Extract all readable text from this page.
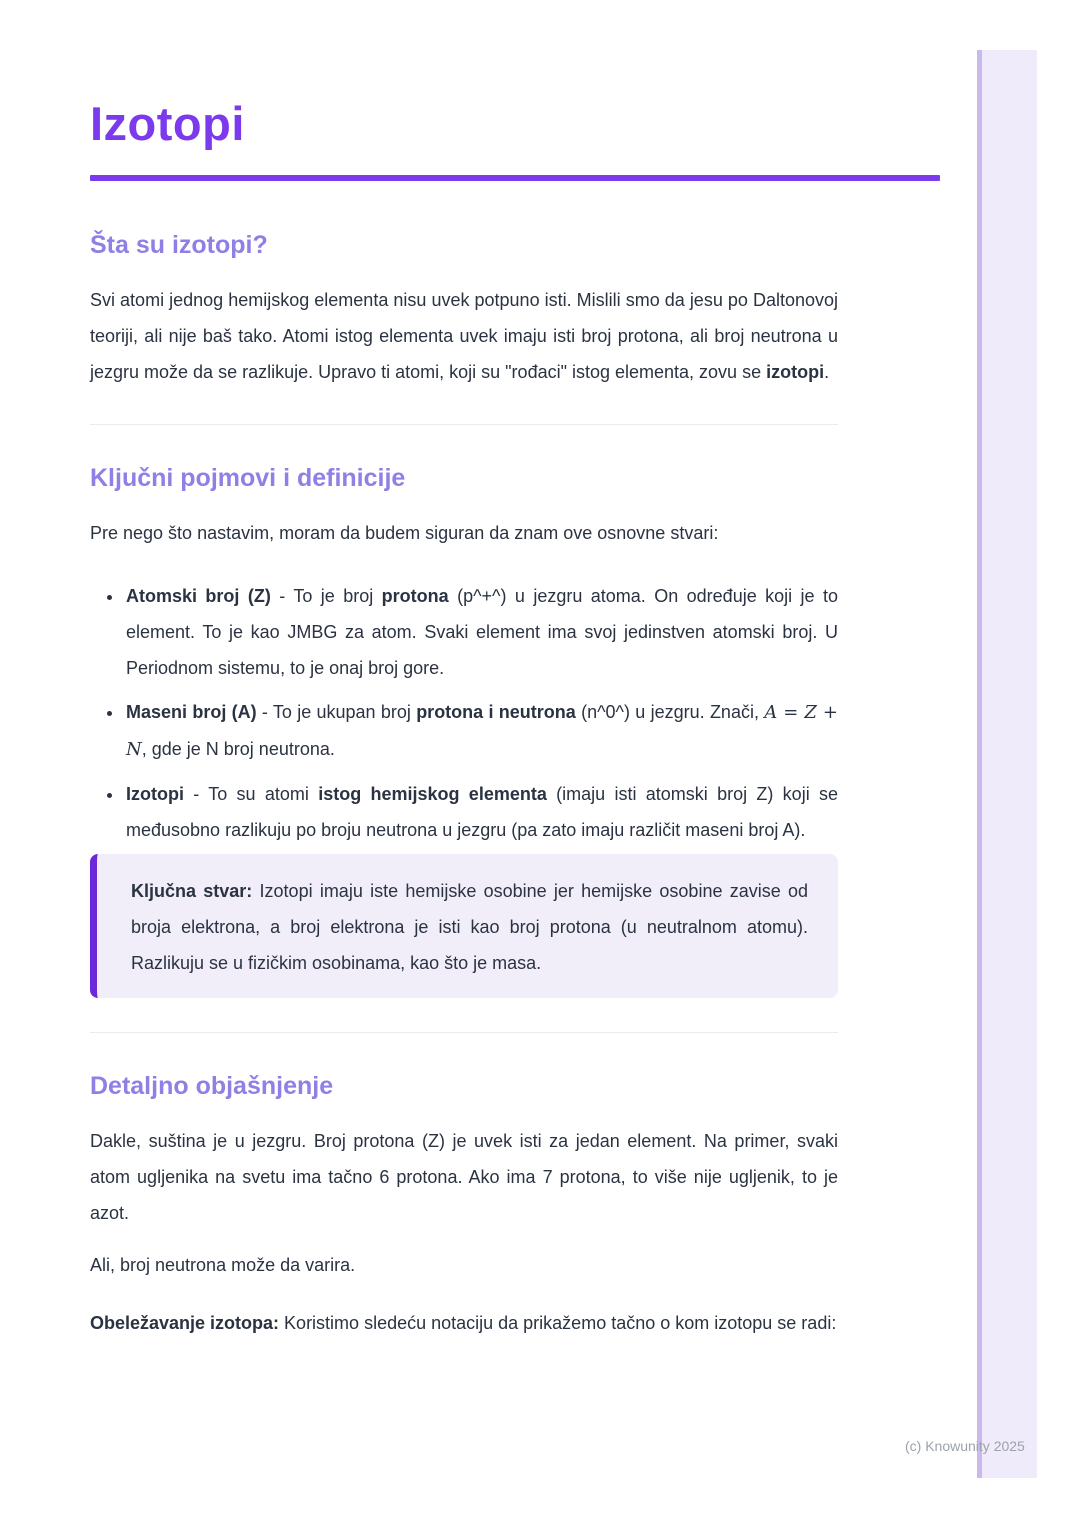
Izotopi
Šta su izotopi?

Svi atomi jednog hemijskog elementa nisu uvek potpuno isti. Mislili smo da jesu po Daltonovoj teoriji, ali nije baš tako. Atomi istog elementa uvek imaju isti broj protona, ali broj neutrona u jezgru može da se razlikuje. Upravo ti atomi, koji su "rođaci" istog elementa, zovu se izotopi.

Ključni pojmovi i definicije

Pre nego što nastavim, moram da budem siguran da znam ove osnovne stvari:

• Atomski broj (Z) - To je broj protona (p^+^) u jezgru atoma. On određuje koji je to element. To je kao JMBG za atom. Svaki element ima svoj jedinstven atomski broj. U Periodnom sistemu, to je onaj broj gore.
• Maseni broj (A) - To je ukupan broj protona i neutrona (n^0^) u jezgru. Znači, A = Z + N, gde je N broj neutrona.
• Izotopi - To su atomi istog hemijskog elementa (imaju isti atomski broj Z) koji se međusobno razlikuju po broju neutrona u jezgru (pa zato imaju različit maseni broj A).

Ključna stvar: Izotopi imaju iste hemijske osobine jer hemijske osobine zavise od broja elektrona, a broj elektrona je isti kao broj protona (u neutralnom atomu). Razlikuju se u fizičkim osobinama, kao što je masa.

Detaljno objašnjenje

Dakle, suština je u jezgru. Broj protona (Z) je uvek isti za jedan element. Na primer, svaki atom ugljenika na svetu ima tačno 6 protona. Ako ima 7 protona, to više nije ugljenik, to je azot.

Ali, broj neutrona može da varira.

Obeležavanje izotopa: Koristimo sledeću notaciju da prikažemo tačno o kom izotopu se radi:

(c) Knowunity 2025
